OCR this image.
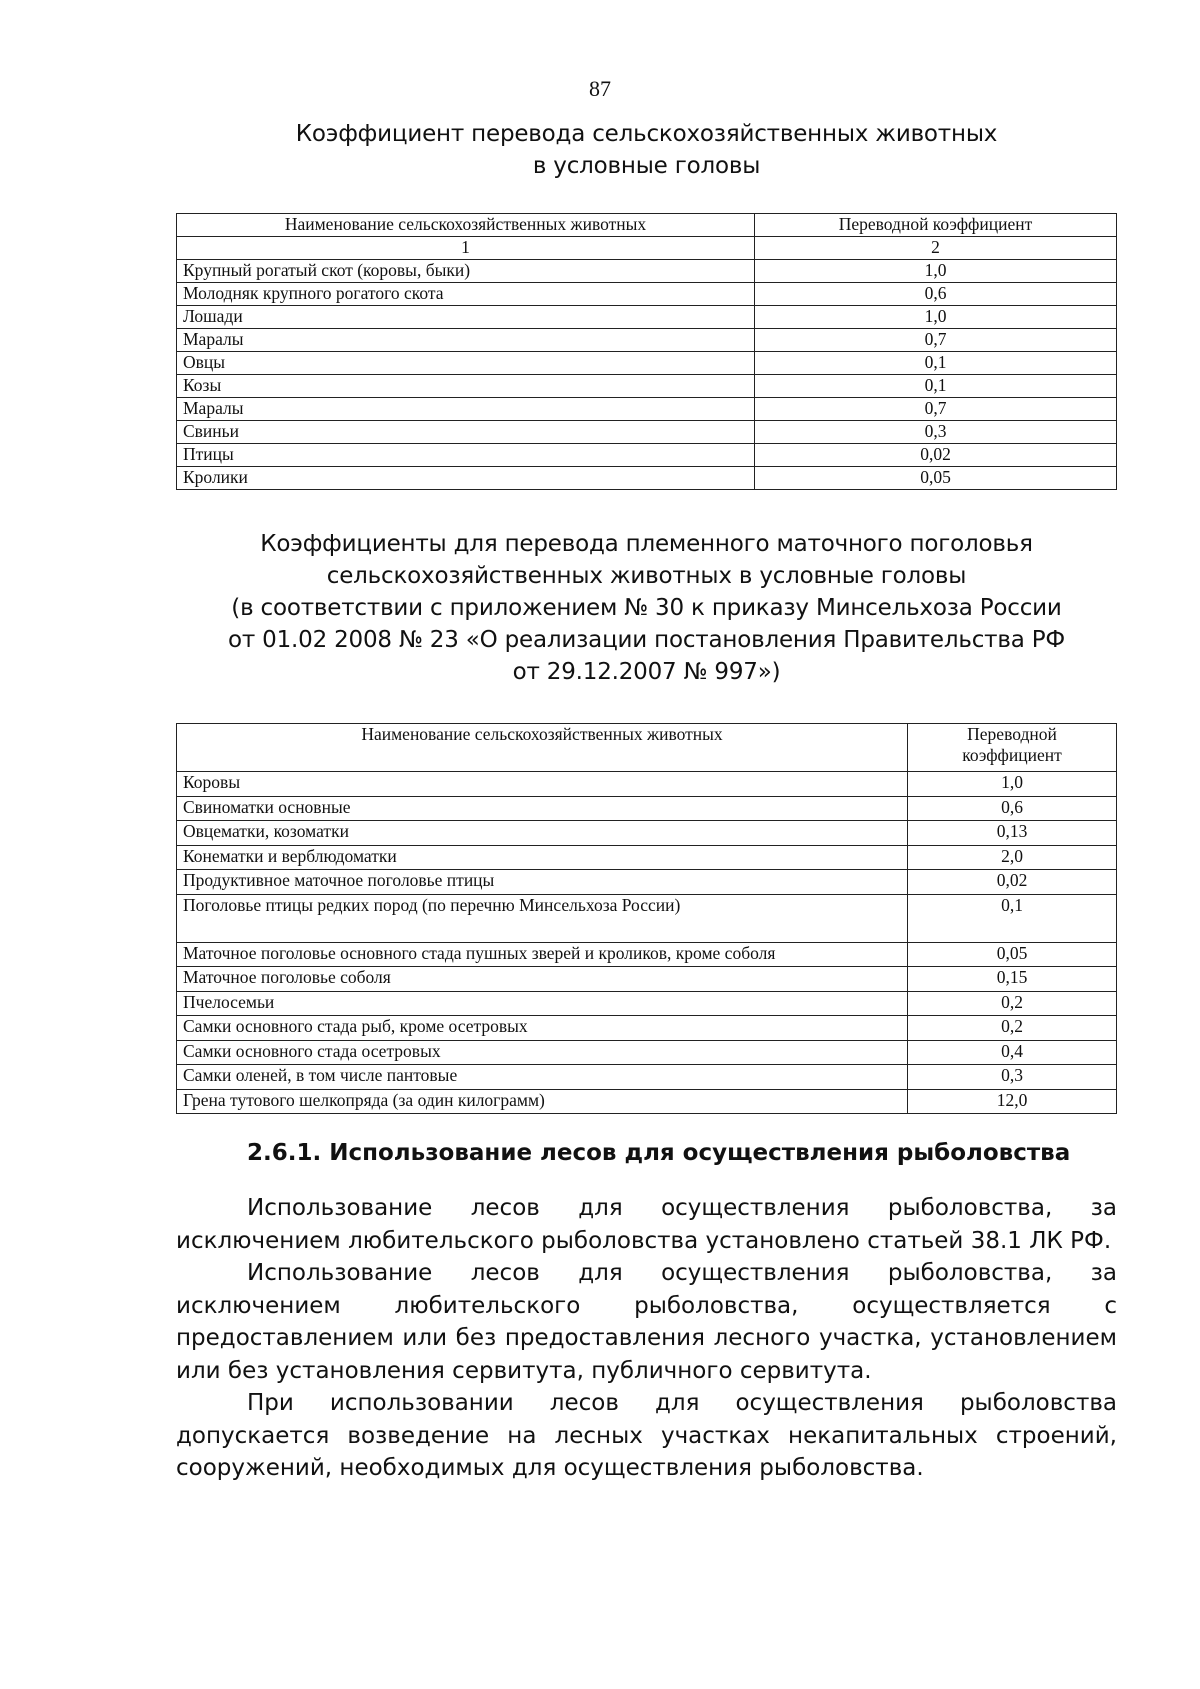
87
Коэффициент перевода сельскохозяйственных животных
в условные головы
Наименование сельскохозяйственных животных	Переводной коэффициент
1	2
Крупный рогатый скот (коровы, быки)	1,0
Молодняк крупного рогатого скота	0,6
Лошади	1,0
Маралы	0,7
Овцы	0,1
Козы	0,1
Маралы	0,7
Свиньи	0,3
Птицы	0,02
Кролики	0,05
Коэффициенты для перевода племенного маточного поголовья
сельскохозяйственных животных в условные головы
(в соответствии с приложением № 30 к приказу Минсельхоза России
от 01.02 2008 № 23 «О реализации постановления Правительства РФ
от 29.12.2007 № 997»)
Наименование сельскохозяйственных животных	Переводной
коэффициент

Коровы	1,0
Свиноматки основные	0,6
Овцематки, козоматки	0,13
Конематки и верблюдоматки	2,0
Продуктивное маточное поголовье птицы	0,02
Поголовье птицы редких пород (по перечню Минсельхоза России)	0,1
Маточное поголовье основного стада пушных зверей и кроликов, кроме соболя	0,05
Маточное поголовье соболя	0,15
Пчелосемьи	0,2
Самки основного стада рыб, кроме осетровых	0,2
Самки основного стада осетровых	0,4
Самки оленей, в том числе пантовые	0,3
Грена тутового шелкопряда (за один килограмм)	12,0
2.6.1. Использование лесов для осуществления рыболовства

Использование лесов для осуществления рыболовства, за исключением любительского рыболовства установлено статьей 38.1 ЛК РФ.

Использование лесов для осуществления рыболовства, за исключением любительского рыболовства, осуществляется с предоставлением или без предоставления лесного участка, установлением или без установления сервитута, публичного сервитута.

При использовании лесов для осуществления рыболовства допускается возведение на лесных участках некапитальных строений, сооружений, необходимых для осуществления рыболовства.
